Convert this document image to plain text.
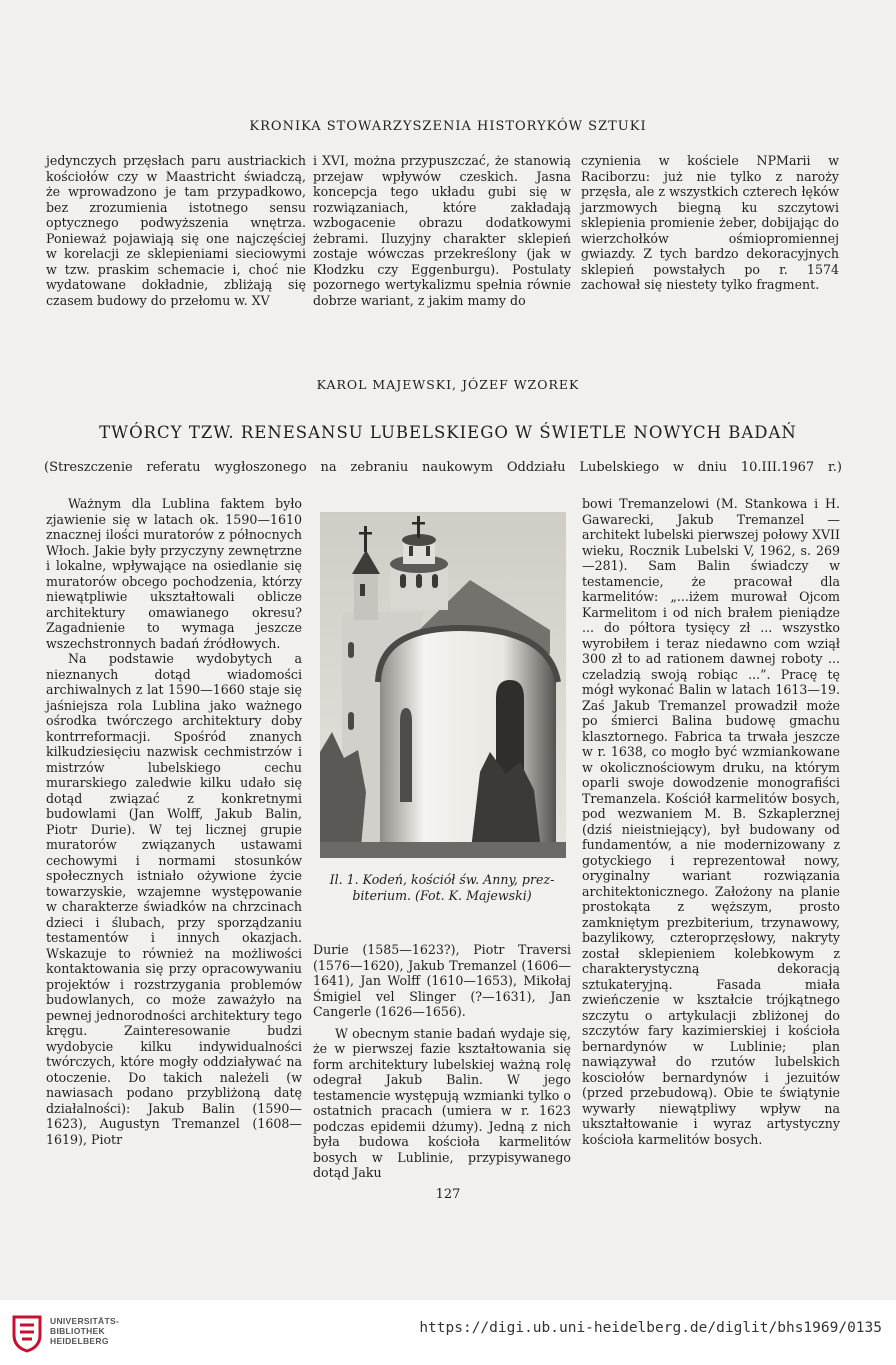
KRONIKA STOWARZYSZENIA HISTORYKÓW SZTUKI
jedynczych przęsłach paru austriackich kościołów czy w Maastricht świadczą, że wprowadzono je tam przypadkowo, bez zrozumienia istotnego sensu optycznego podwyższenia wnętrza. Ponieważ pojawiają się one najczęściej w korelacji ze sklepieniami sieciowymi w tzw. praskim schemacie i, choć nie wydatowane dokładnie, zbliżają się czasem budowy do przełomu w. XV
i XVI, można przypuszczać, że stanowią przejaw wpływów czeskich. Jasna koncepcja tego układu gubi się w rozwiązaniach, które zakładają wzbogacenie obrazu dodatkowymi żebrami. Iluzyjny charakter sklepień zostaje wówczas przekreślony (jak w Kłodzku czy Eggenburgu). Postulaty pozornego wertykalizmu spełnia równie dobrze wariant, z jakim mamy do
czynienia w kościele NPMarii w Raciborzu: już nie tylko z naroży przęsła, ale z wszystkich czterech łęków jarzmowych biegną ku szczytowi sklepienia promienie żeber, dobijając do wierzchołków ośmiopromiennej gwiazdy. Z tych bardzo dekoracyjnych sklepień powstałych po r. 1574 zachował się niestety tylko fragment.
KAROL MAJEWSKI, JÓZEF WZOREK
TWÓRCY TZW. RENESANSU LUBELSKIEGO W ŚWIETLE NOWYCH BADAŃ
(Streszczenie referatu wygłoszonego na zebraniu naukowym Oddziału Lubelskiego w dniu 10.III.1967 r.)

Ważnym dla Lublina faktem było zjawienie się w latach ok. 1590—1610 znacznej ilości muratorów z północnych Włoch. Jakie były przyczyny zewnętrzne i lokalne, wpływające na osiedlanie się muratorów obcego pochodzenia, którzy niewątpliwie ukształtowali oblicze architektury omawianego okresu? Zagadnienie to wymaga jeszcze wszechstronnych badań źródłowych.

Na podstawie wydobytych a nieznanych dotąd wiadomości archiwalnych z lat 1590—1660 staje się jaśniejsza rola Lublina jako ważnego ośrodka twórczego architektury doby kontrreformacji. Spośród znanych kilkudziesięciu nazwisk cechmistrzów i mistrzów lubelskiego cechu murarskiego zaledwie kilku udało się dotąd związać z konkretnymi budowlami (Jan Wolff, Jakub Balin, Piotr Durie). W tej licznej grupie muratorów związanych ustawami cechowymi i normami stosunków społecznych istniało ożywione życie towarzyskie, wzajemne występowanie w charakterze świadków na chrzcinach dzieci i ślubach, przy sporządzaniu testamentów i innych okazjach. Wskazuje to również na możliwości kontaktowania się przy opracowywaniu projektów i rozstrzygania problemów budowlanych, co może zaważyło na pewnej jednorodności architektury tego kręgu. Zainteresowanie budzi wydobycie kilku indywidualności twórczych, które mogły oddziaływać na otoczenie. Do takich należeli (w nawiasach podano przybliżoną datę działalności): Jakub Balin (1590—1623), Augustyn Tremanzel (1608—1619), Piotr

Il. 1. Kodeń, kościół św. Anny, prez-
biterium. (Fot. K. Majewski)

Durie (1585—1623?), Piotr Traversi (1576—1620), Jakub Tremanzel (1606—1641), Jan Wolff (1610—1653), Mikołaj Śmigiel vel Slinger (?—1631), Jan Cangerle (1626—1656).

W obecnym stanie badań wydaje się, że w pierwszej fazie kształtowania się form architektury lubelskiej ważną rolę odegrał Jakub Balin. W jego testamencie występują wzmianki tylko o ostatnich pracach (umiera w r. 1623 podczas epidemii dżumy). Jedną z nich była budowa kościoła karmelitów bosych w Lublinie, przypisywanego dotąd Jaku

bowi Tremanzelowi (M. Stankowa i H. Gawarecki, Jakub Tremanzel — architekt lubelski pierwszej połowy XVII wieku, Rocznik Lubelski V, 1962, s. 269—281). Sam Balin świadczy w testamencie, że pracował dla karmelitów: „...iżem murował Ojcom Karmelitom i od nich brałem pieniądze ... do półtora tysięcy zł ... wszystko wyrobiłem i teraz niedawno com wziął 300 zł to ad rationem dawnej roboty ... czeladzią swoją robiąc ...”. Pracę tę mógł wykonać Balin w latach 1613—19. Zaś Jakub Tremanzel prowadził może po śmierci Balina budowę gmachu klasztornego. Fabrica ta trwała jeszcze w r. 1638, co mogło być wzmiankowane w okolicznościowym druku, na którym oparli swoje dowodzenie monografiści Tremanzela. Kościół karmelitów bosych, pod wezwaniem M. B. Szkaplerznej (dziś nieistniejący), był budowany od fundamentów, a nie modernizowany z gotyckiego i reprezentował nowy, oryginalny wariant rozwiązania architektonicznego. Założony na planie prostokąta z węższym, prosto zamkniętym prezbiterium, trzynawowy, bazylikowy, czteroprzęsłowy, nakryty został sklepieniem kolebkowym z charakterystyczną dekoracją sztukateryjną. Fasada miała zwieńczenie w kształcie trójkątnego szczytu o artykulacji zbliżonej do szczytów fary kazimierskiej i kościoła bernardynów w Lublinie; plan nawiązywał do rzutów lubelskich kosciołów bernardynów i jezuitów (przed przebudową). Obie te świątynie wywarły niewątpliwy wpływ na ukształtowanie i wyraz artystyczny kościoła karmelitów bosych.
127
UNIVERSITÄTS-
BIBLIOTHEK
HEIDELBERG
https://digi.ub.uni-heidelberg.de/diglit/bhs1969/0135
